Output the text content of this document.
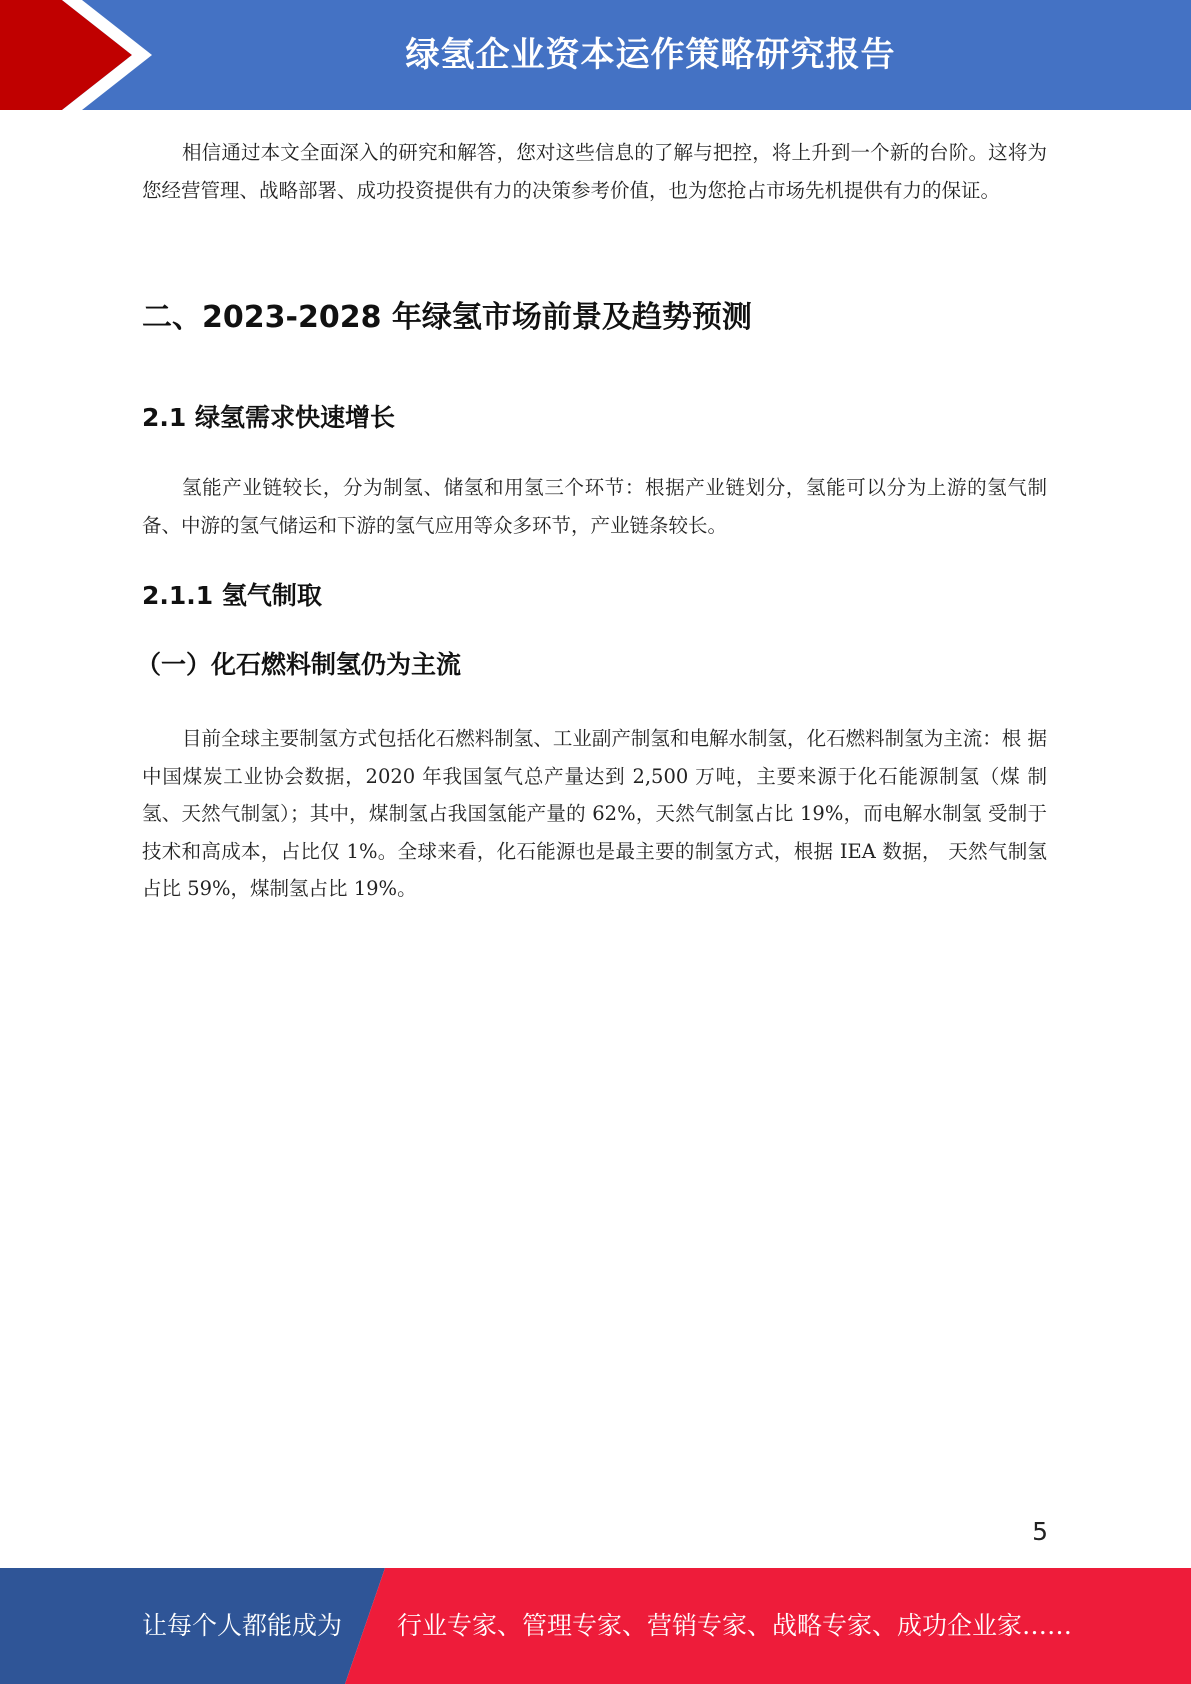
绿氢企业资本运作策略研究报告

相信通过本文全面深入的研究和解答，您对这些信息的了解与把控，将上升到一个新的台阶。这将为您经营管理、战略部署、成功投资提供有力的决策参考价值，也为您抢占市场先机提供有力的保证。

二、2023-2028 年绿氢市场前景及趋势预测
2.1 绿氢需求快速增长

氢能产业链较长，分为制氢、储氢和用氢三个环节：根据产业链划分，氢能可以分为上游的氢气制 备、中游的氢气储运和下游的氢气应用等众多环节，产业链条较长。

2.1.1 氢气制取
（一）化石燃料制氢仍为主流

目前全球主要制氢方式包括化石燃料制氢、工业副产制氢和电解水制氢，化石燃料制氢为主流：根 据中国煤炭工业协会数据，2020 年我国氢气总产量达到 2,500 万吨，主要来源于化石能源制氢（煤 制氢、天然气制氢）；其中，煤制氢占我国氢能产量的 62%，天然气制氢占比 19%，而电解水制氢 受制于技术和高成本，占比仅 1%。全球来看，化石能源也是最主要的制氢方式，根据 IEA 数据， 天然气制氢占比 59%，煤制氢占比 19%。

5
让每个人都能成为 行业专家、管理专家、营销专家、战略专家、成功企业家……
